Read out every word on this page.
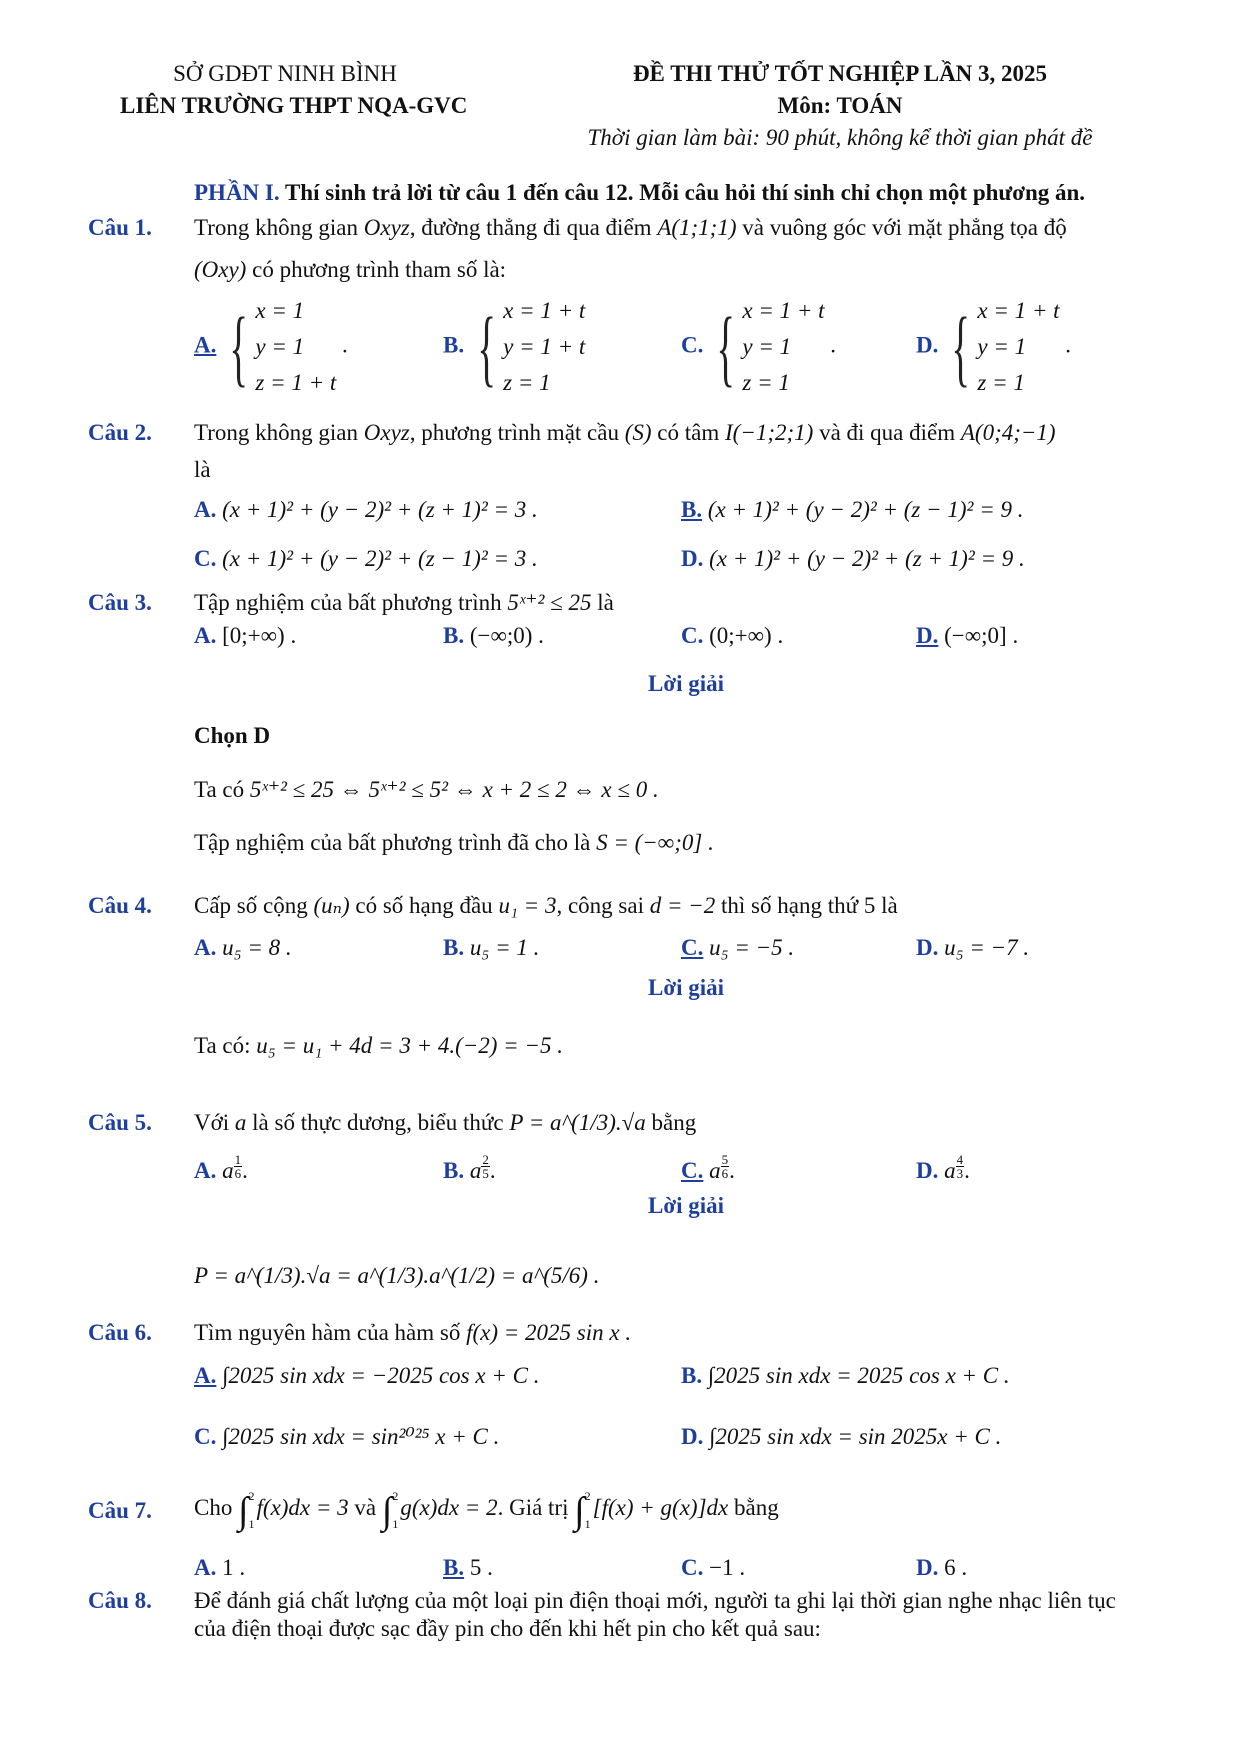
SỞ GDĐT NINH BÌNH
LIÊN TRƯỜNG THPT NQA-GVC
ĐỀ THI THỬ TỐT NGHIỆP LẦN 3, 2025
Môn: TOÁN
Thời gian làm bài: 90 phút, không kể thời gian phát đề
PHẦN I. Thí sinh trả lời từ câu 1 đến câu 12. Mỗi câu hỏi thí sinh chỉ chọn một phương án.
Câu 1. Trong không gian Oxyz, đường thẳng đi qua điểm A(1;1;1) và vuông góc với mặt phẳng tọa độ
(Oxy) có phương trình tham số là:
A. { x = 1
y = 1
z = 1 + t
.	B. { x = 1 + t
y = 1 + t
z = 1
C. { x = 1 + t
y = 1
z = 1
.	D. { x = 1 + t
y = 1
z = 1
.
Câu 2. Trong không gian Oxyz, phương trình mặt cầu (S) có tâm I(−1;2;1) và đi qua điểm A(0;4;−1)
là
A. (x + 1)² + (y − 2)² + (z + 1)² = 3 .	B. (x + 1)² + (y − 2)² + (z − 1)² = 9 .
C. (x + 1)² + (y − 2)² + (z − 1)² = 3 .	D. (x + 1)² + (y − 2)² + (z + 1)² = 9 .
Câu 3. Tập nghiệm của bất phương trình 5ˣ⁺² ≤ 25 là
A. [0;+∞) .	B. (−∞;0) .	C. (0;+∞) .	D. (−∞;0] .
Lời giải
Chọn D
Ta có 5ˣ⁺² ≤ 25 ⇔ 5ˣ⁺² ≤ 5² ⇔ x + 2 ≤ 2 ⇔ x ≤ 0 .
Tập nghiệm của bất phương trình đã cho là S = (−∞;0] .
Câu 4. Cấp số cộng (uₙ) có số hạng đầu u₁ = 3, công sai d = −2 thì số hạng thứ 5 là
A. u₅ = 8 .	B. u₅ = 1 .	C. u₅ = −5 .	D. u₅ = −7 .
Lời giải
Ta có: u₅ = u₁ + 4d = 3 + 4.(−2) = −5 .
Câu 5. Với a là số thực dương, biểu thức P = a^(1/3).√a bằng
A. a $\frac{1}{6}$ .	B. a $\frac{2}{5}$ .	C. a $\frac{5}{6}$ .	D. a $\frac{4}{3}$ .
Lời giải
P = a^(1/3).√a = a^(1/3).a^(1/2) = a^(5/6) .
Câu 6. Tìm nguyên hàm của hàm số f(x) = 2025 sin x .
A. ∫2025 sin xdx = −2025 cos x + C .	B. ∫2025 sin xdx = 2025 cos x + C .
C. ∫2025 sin xdx = sin²⁰²⁵ x + C .	D. ∫2025 sin xdx = sin 2025x + C .
Câu 7. Cho ∫ 2
1
f(x)dx = 3 và ∫ 2
1
g(x)dx = 2. Giá trị ∫ 2
1
[f(x) + g(x)]dx bằng
A. 1 .	B. 5 .	C. −1 .	D. 6 .
Câu 8. Để đánh giá chất lượng của một loại pin điện thoại mới, người ta ghi lại thời gian nghe nhạc liên tục
của điện thoại được sạc đầy pin cho đến khi hết pin cho kết quả sau:
